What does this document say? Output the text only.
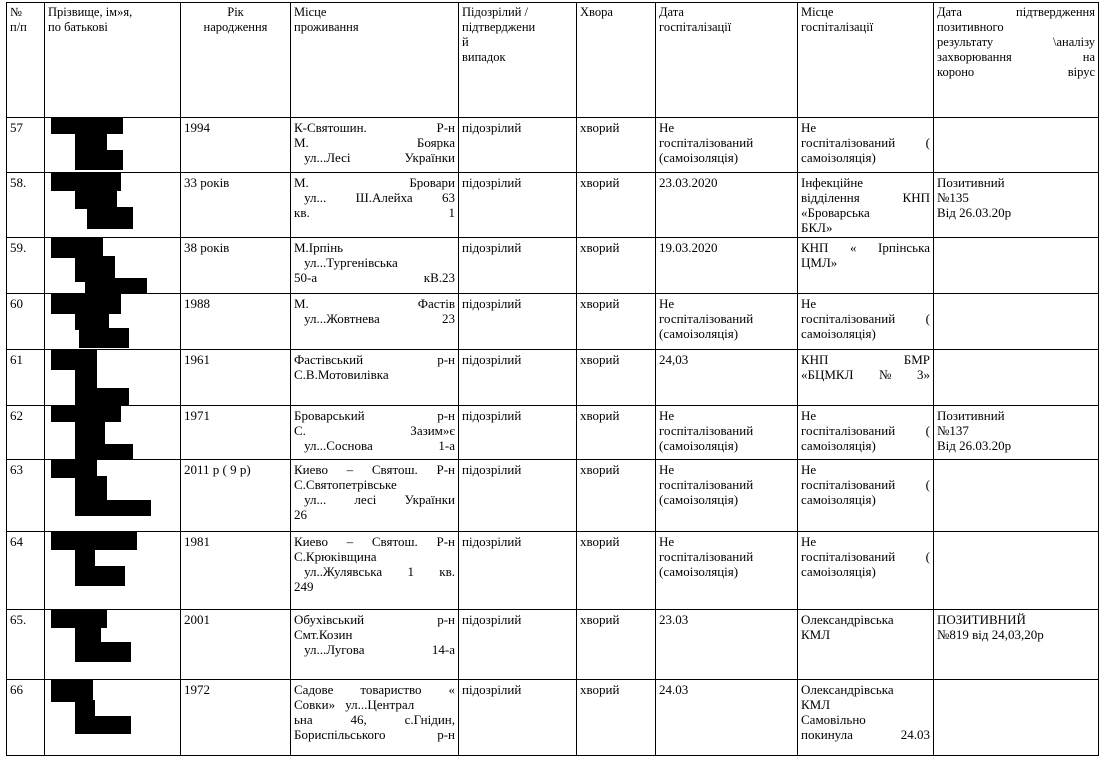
№
п/п	Прізвище, ім»я,
по батькові	Рік
народження	Місце
проживання	Підозрілий /
підтверджени
й
випадок	Хвора	Дата
госпіталізації	Місце
госпіталізації	Дата підтвердження
позитивного
результату \аналізу
захворювання на
короно вірус

57		1994	К-Святошин. Р-н
М. Боярка
ул...Лесі Українки	підозрілий	хворий	Не
госпіталізований
(самоізоляція)	Не
госпіталізований (
самоізоляція)	

58.		33 років	М. Бровари
ул... Ш.Алейха 63
кв. 1	підозрілий	хворий	23.03.2020	Інфекційне
відділення КНП
«Броварська
БКЛ»	Позитивний
№135
Від 26.03.20р

59.		38 років	М.Ірпінь
ул...Тургенівська
50-а кВ.23	підозрілий	хворий	19.03.2020	КНП « Ірпінська
ЦМЛ»	

60		1988	М. Фастів
ул...Жовтнева 23	підозрілий	хворий	Не
госпіталізований
(самоізоляція)	Не
госпіталізований (
самоізоляція)	

61		1961	Фастівський р-н
С.В.Мотовилівка	підозрілий	хворий	24,03	КНП БМР
«БЦМКЛ№3»	

62		1971	Броварський р-н
С. Зазим»є
ул...Соснова 1-а	підозрілий	хворий	Не
госпіталізований
(самоізоляція)	Не
госпіталізований (
самоізоляція)	Позитивний
№137
Від 26.03.20р

63		2011 р ( 9 р)	Киево – Святош. Р-н
С.Святопетрівське
ул... лесі Українки
26	підозрілий	хворий	Не
госпіталізований
(самоізоляція)	Не
госпіталізований (
самоізоляція)	

64		1981	Киево – Святош. Р-н
С.Крюківщина
ул..Жулявська 1 кв.
249	підозрілий	хворий	Не
госпіталізований
(самоізоляція)	Не
госпіталізований (
самоізоляція)	

65.		2001	Обухівський р-н
Смт.Козин
ул...Лугова 14-а	підозрілий	хворий	23.03	Олександрівська
КМЛ	ПОЗИТИВНИЙ
№819 від 24,03,20р

66		1972	Садове товариство «
Совки» ул...Централ
ьна 46, с.Гнідин,
Бориспільського р-н	підозрілий	хворий	24.03	Олександрівська
КМЛ
Самовільно
покинула 24.03	
